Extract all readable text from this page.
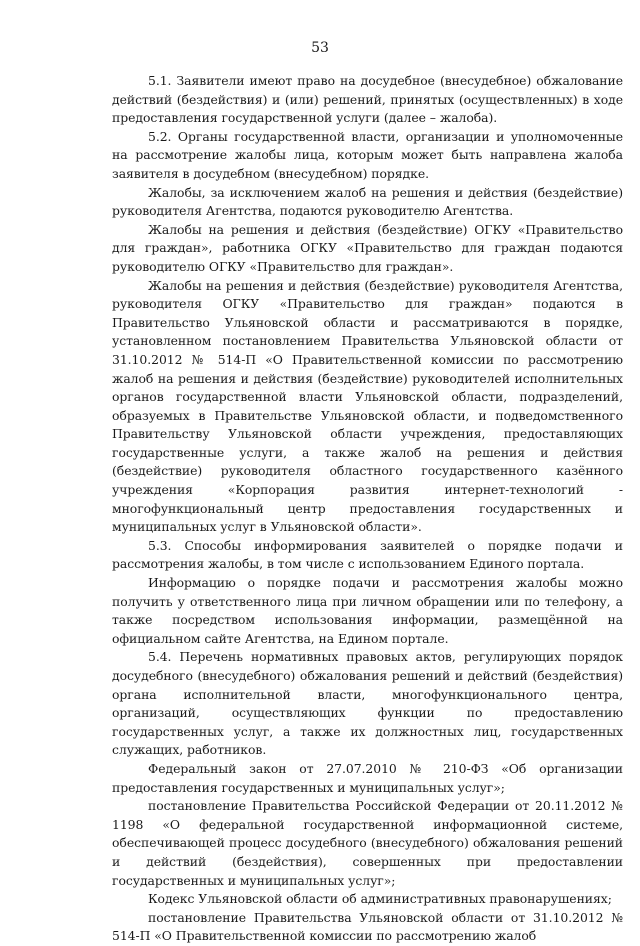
53

5.1. Заявители имеют право на досудебное (внесудебное) обжалование действий (бездействия) и (или) решений, принятых (осуществленных) в ходе предоставления государственной услуги (далее – жалоба).

5.2. Органы государственной власти, организации и уполномоченные на рассмотрение жалобы лица, которым может быть направлена жалоба заявителя в досудебном (внесудебном) порядке.

Жалобы, за исключением жалоб на решения и действия (бездействие) руководителя Агентства, подаются руководителю Агентства.

Жалобы на решения и действия (бездействие) ОГКУ «Правительство для граждан», работника ОГКУ «Правительство для граждан подаются руководителю ОГКУ «Правительство для граждан».

Жалобы на решения и действия (бездействие) руководителя Агентства, руководителя ОГКУ «Правительство для граждан» подаются в Правительство Ульяновской области и рассматриваются в порядке, установленном постановлением Правительства Ульяновской области от 31.10.2012 № 514-П «О Правительственной комиссии по рассмотрению жалоб на решения и действия (бездействие) руководителей исполнительных органов государственной власти Ульяновской области, подразделений, образуемых в Правительстве Ульяновской области, и подведомственного Правительству Ульяновской области учреждения, предоставляющих государственные услуги, а также жалоб на решения и действия (бездействие) руководителя областного государственного казённого учреждения «Корпорация развития интернет-технологий - многофункциональный центр предоставления государственных и муниципальных услуг в Ульяновской области».

5.3. Способы информирования заявителей о порядке подачи и рассмотрения жалобы, в том числе с использованием Единого портала.

Информацию о порядке подачи и рассмотрения жалобы можно получить у ответственного лица при личном обращении или по телефону, а также посредством использования информации, размещённой на официальном сайте Агентства, на Едином портале.

5.4. Перечень нормативных правовых актов, регулирующих порядок досудебного (внесудебного) обжалования решений и действий (бездействия) органа исполнительной власти, многофункционального центра, организаций, осуществляющих функции по предоставлению государственных услуг, а также их должностных лиц, государственных служащих, работников.

Федеральный закон от 27.07.2010 № 210-ФЗ «Об организации предоставления государственных и муниципальных услуг»;

постановление Правительства Российской Федерации от 20.11.2012 № 1198 «О федеральной государственной информационной системе, обеспечивающей процесс досудебного (внесудебного) обжалования решений и действий (бездействия), совершенных при предоставлении государственных и муниципальных услуг»;

Кодекс Ульяновской области об административных правонарушениях;

постановление Правительства Ульяновской области от 31.10.2012 № 514-П «О Правительственной комиссии по рассмотрению жалоб
